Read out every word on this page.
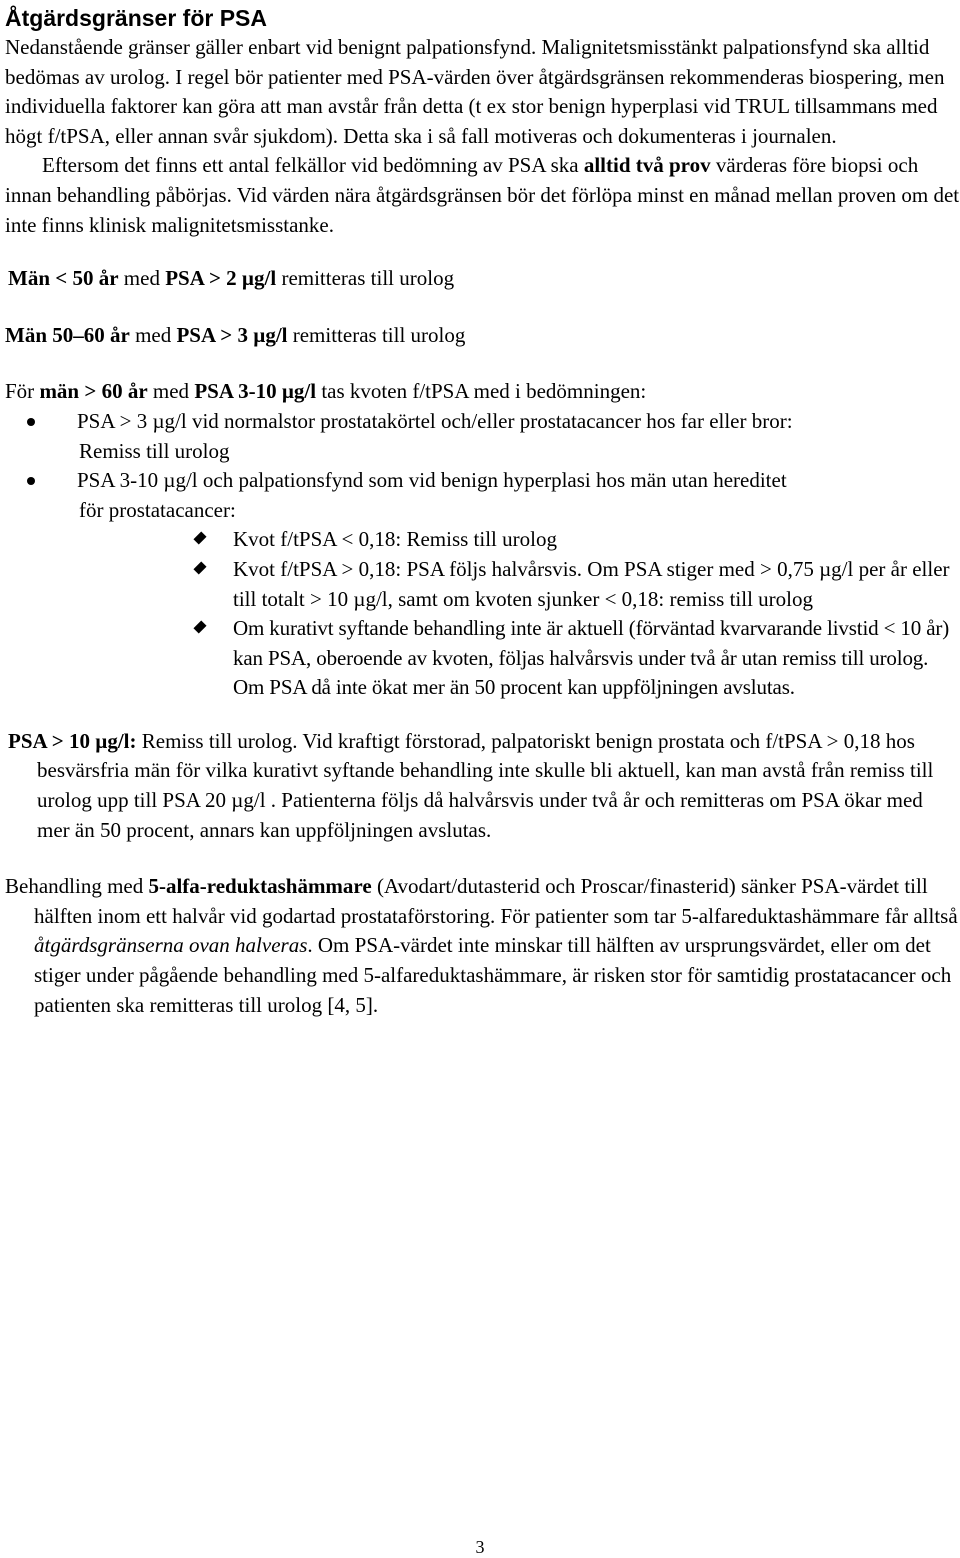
Åtgärdsgränser för PSA

Nedanstående gränser gäller enbart vid benignt palpationsfynd. Malignitetsmisstänkt palpationsfynd ska alltid bedömas av urolog. I regel bör patienter med PSA-värden över åtgärdsgränsen rekommenderas biospering, men individuella faktorer kan göra att man avstår från detta (t ex stor benign hyperplasi vid TRUL tillsammans med högt f/tPSA, eller annan svår sjukdom). Detta ska i så fall motiveras och dokumenteras i journalen.

Eftersom det finns ett antal felkällor vid bedömning av PSA ska alltid två prov värderas före biopsi och innan behandling påbörjas. Vid värden nära åtgärdsgränsen bör det förlöpa minst en månad mellan proven om det inte finns klinisk malignitetsmisstanke.

Män < 50 år med PSA > 2 µg/l remitteras till urolog

Män 50–60 år med PSA > 3 µg/l remitteras till urolog

För män > 60 år med PSA 3-10 µg/l tas kvoten f/tPSA med i bedömningen:

PSA > 3 µg/l vid normalstor prostatakörtel och/eller prostatacancer hos far eller bror:
Remiss till urolog
PSA 3-10 µg/l och palpationsfynd som vid benign hyperplasi hos män utan hereditet
för prostatacancer:
Kvot f/tPSA < 0,18: Remiss till urolog
Kvot f/tPSA > 0,18: PSA följs halvårsvis. Om PSA stiger med > 0,75 µg/l per år eller till totalt > 10 µg/l, samt om kvoten sjunker < 0,18: remiss till urolog
Om kurativt syftande behandling inte är aktuell (förväntad kvarvarande livstid < 10 år) kan PSA, oberoende av kvoten, följas halvårsvis under två år utan remiss till urolog. Om PSA då inte ökat mer än 50 procent kan uppföljningen avslutas.

PSA > 10 µg/l: Remiss till urolog. Vid kraftigt förstorad, palpatoriskt benign prostata och f/tPSA > 0,18 hos besvärsfria män för vilka kurativt syftande behandling inte skulle bli aktuell, kan man avstå från remiss till urolog upp till PSA 20 µg/l . Patienterna följs då halvårsvis under två år och remitteras om PSA ökar med mer än 50 procent, annars kan uppföljningen avslutas.

Behandling med 5-alfa-reduktashämmare (Avodart/dutasterid och Proscar/finasterid) sänker PSA-värdet till hälften inom ett halvår vid godartad prostataförstoring. För patienter som tar 5-alfareduktashämmare får alltså åtgärdsgränserna ovan halveras. Om PSA-värdet inte minskar till hälften av ursprungsvärdet, eller om det stiger under pågående behandling med 5-alfareduktashämmare, är risken stor för samtidig prostatacancer och patienten ska remitteras till urolog [4, 5].

3
